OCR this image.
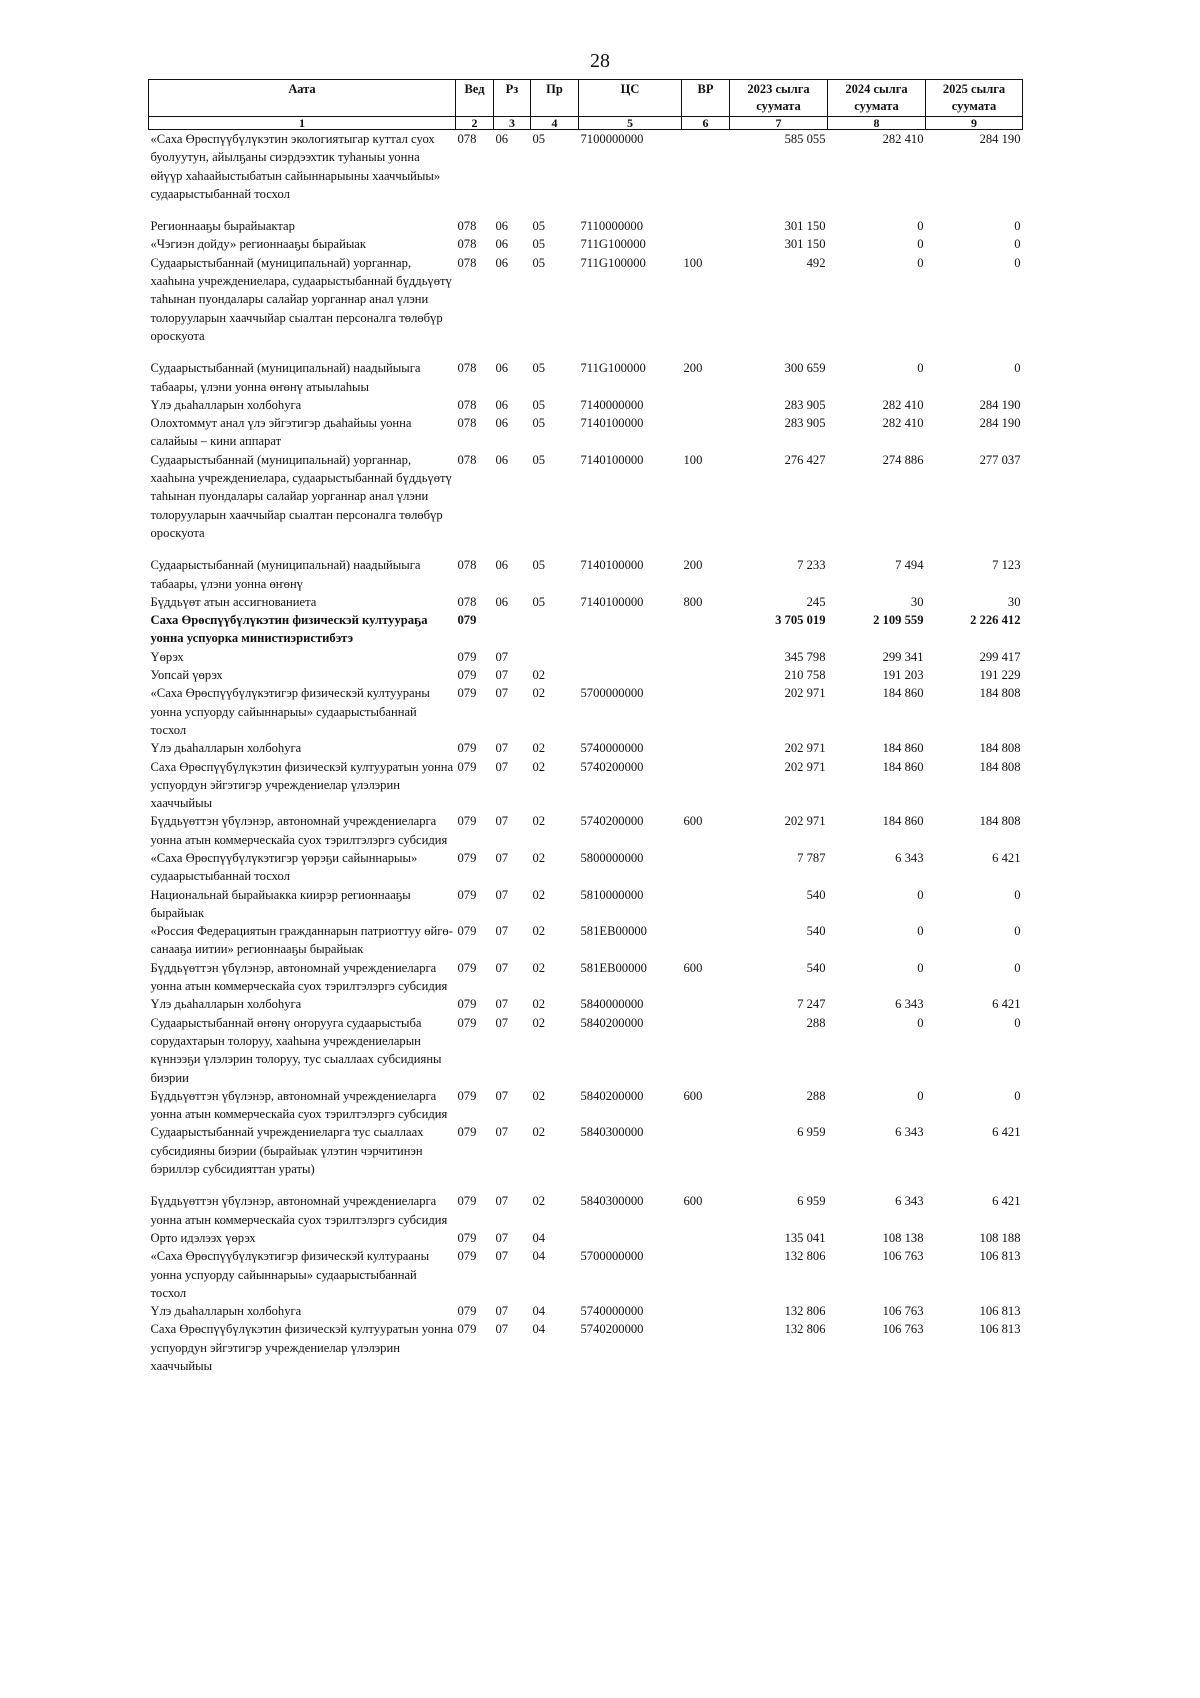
28
Аата	Вед	Рз	Пр	ЦС	ВР	2023 сылга суумата	2024 сылга суумата	2025 сылга суумата
1	2	3	4	5	6	7	8	9
«Саха Өрөспүүбүлүкэтин экологиятыгар куттал суох буолуутун, айылҕаны сиэрдээхтик туһаныы уонна өйүүр хаһаайыстыбатын сайыннарыыны хааччыйыы» судаарыстыбаннай тосхол	078	06	05	7100000000		585 055	282 410	284 190
Регионнааҕы бырайыактар	078	06	05	7110000000		301 150	0	0
«Чэгиэн дойду» регионнааҕы бырайыак	078	06	05	711G100000		301 150	0	0
Судаарыстыбаннай (муниципальнай) уорганнар, хааһына учреждениелара, судаарыстыбаннай бүддьүөтү таһынан пуондалары салайар уорганнар анал үлэни толорууларын хааччыйар сыалтан персоналга төлөбүр ороскуота	078	06	05	711G100000	100	492	0	0
Судаарыстыбаннай (муниципальнай) наадыйыыга табаары, үлэни уонна өҥөнү атыылаһыы	078	06	05	711G100000	200	300 659	0	0
Үлэ дьаһалларын холбоһуга	078	06	05	7140000000		283 905	282 410	284 190
Олохтоммут анал үлэ эйгэтигэр дьаһайыы уонна салайыы – кини аппарат	078	06	05	7140100000		283 905	282 410	284 190
Судаарыстыбаннай (муниципальнай) уорганнар, хааһына учреждениелара, судаарыстыбаннай бүддьүөтү таһынан пуондалары салайар уорганнар анал үлэни толорууларын хааччыйар сыалтан персоналга төлөбүр ороскуота	078	06	05	7140100000	100	276 427	274 886	277 037
Судаарыстыбаннай (муниципальнай) наадыйыыга табаары, үлэни уонна өҥөнү	078	06	05	7140100000	200	7 233	7 494	7 123
Бүддьүөт атын ассигнованиета	078	06	05	7140100000	800	245	30	30
Саха Өрөспүүбүлүкэтин физическэй култуураҕа уонна успуорка министиэристибэтэ	079					3 705 019	2 109 559	2 226 412
Үөрэх	079	07				345 798	299 341	299 417
Уопсай үөрэх	079	07	02			210 758	191 203	191 229
«Саха Өрөспүүбүлүкэтигэр физическэй култуураны уонна успуорду сайыннарыы» судаарыстыбаннай тосхол	079	07	02	5700000000		202 971	184 860	184 808
Үлэ дьаһалларын холбоһуга	079	07	02	5740000000		202 971	184 860	184 808
Саха Өрөспүүбүлүкэтин физическэй култууратын уонна успуордун эйгэтигэр учреждениелар үлэлэрин хааччыйыы	079	07	02	5740200000		202 971	184 860	184 808
Бүддьүөттэн үбүлэнэр, автономнай учреждениеларга уонна атын коммерческайа суох тэрилтэлэргэ субсидия	079	07	02	5740200000	600	202 971	184 860	184 808
«Саха Өрөспүүбүлүкэтигэр үөрэҕи сайыннарыы» судаарыстыбаннай тосхол	079	07	02	5800000000		7 787	6 343	6 421
Национальнай бырайыакка киирэр регионнааҕы бырайыак	079	07	02	5810000000		540	0	0
«Россия Федерациятын гражданнарын патриоттуу өйгө-санааҕа иитии» регионнааҕы бырайыак	079	07	02	581EB00000		540	0	0
Бүддьүөттэн үбүлэнэр, автономнай учреждениеларга уонна атын коммерческайа суох тэрилтэлэргэ субсидия	079	07	02	581EB00000	600	540	0	0
Үлэ дьаһалларын холбоһуга	079	07	02	5840000000		7 247	6 343	6 421
Судаарыстыбаннай өҥөнү оҥорууга судаарыстыба сорудахтарын толоруу, хааһына учреждениеларын күннээҕи үлэлэрин толоруу, тус сыаллаах субсидияны биэрии	079	07	02	5840200000		288	0	0
Бүддьүөттэн үбүлэнэр, автономнай учреждениеларга уонна атын коммерческайа суох тэрилтэлэргэ субсидия	079	07	02	5840200000	600	288	0	0
Судаарыстыбаннай учреждениеларга тус сыаллаах субсидияны биэрии (бырайыак үлэтин чэрчитинэн бэриллэр субсидияттан ураты)	079	07	02	5840300000		6 959	6 343	6 421
Бүддьүөттэн үбүлэнэр, автономнай учреждениеларга уонна атын коммерческайа суох тэрилтэлэргэ субсидия	079	07	02	5840300000	600	6 959	6 343	6 421
Орто идэлээх үөрэх	079	07	04			135 041	108 138	108 188
«Саха Өрөспүүбүлүкэтигэр физическэй културааны уонна успуорду сайыннарыы» судаарыстыбаннай тосхол	079	07	04	5700000000		132 806	106 763	106 813
Үлэ дьаһалларын холбоһуга	079	07	04	5740000000		132 806	106 763	106 813
Саха Өрөспүүбүлүкэтин физическэй култууратын уонна успуордун эйгэтигэр учреждениелар үлэлэрин хааччыйыы	079	07	04	5740200000		132 806	106 763	106 813
